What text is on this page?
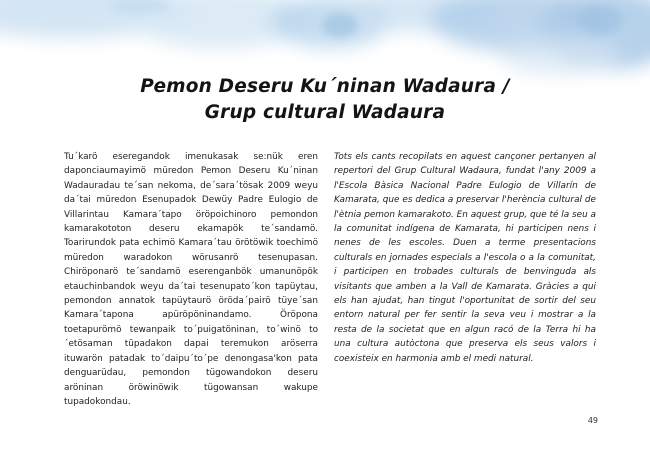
Pemon Deseru Ku´ninan Wadaura /
Grup cultural Wadaura
Tu´karö eseregandok imenukasak se:nük eren daponciaumayimö müredon Pemon Deseru Ku´ninan Wadauradau te´san nekoma, de´sara´tösak 2009 weyu da´tai müredon Esenupadok Dewüy Padre Eulogio de Villarintau Kamara´tapo öröpoichinoro pemondon kamarakototon deseru ekamapök te´sandamö. Toarirundok pata echimö Kamara´tau örötöwik toechimö müredon waradokon wörusanrö tesenupasan. Chiröponarö te´sandamö eserenganbök umanunöpök etauchinbandok weyu da´tai tesenupato´kon tapüytau, pemondon annatok tapüytaurö öröda´pairö tüye´san Kamara´tapona apüröpöninandamo. Öröpona toetapurömö tewanpaik to´puigatöninan, to´winö to´etösaman tüpadakon dapai teremukon aröserra ituwarön patadak to´daipu´to´pe denongasa'kon pata denguarüdau, pemondon tügowandokon deseru aröninan öröwinöwik tügowansan wakupe tupadokondau.
Tots els cants recopilats en aquest cançoner pertanyen al repertori del Grup Cultural Wadaura, fundat l'any 2009 a l'Escola Bàsica Nacional Padre Eulogio de Villarín de Kamarata, que es dedica a preservar l'herència cultural de l'ètnia pemon kamarakoto. En aquest grup, que té la seu a la comunitat indígena de Kamarata, hi participen nens i nenes de les escoles. Duen a terme presentacions culturals en jornades especials a l'escola o a la comunitat, i participen en trobades culturals de benvinguda als visitants que amben a la Vall de Kamarata. Gràcies a qui els han ajudat, han tingut l'oportunitat de sortir del seu entorn natural per fer sentir la seva veu i mostrar a la resta de la societat que en algun racó de la Terra hi ha una cultura autòctona que preserva els seus valors i coexisteix en harmonia amb el medi natural.
49
